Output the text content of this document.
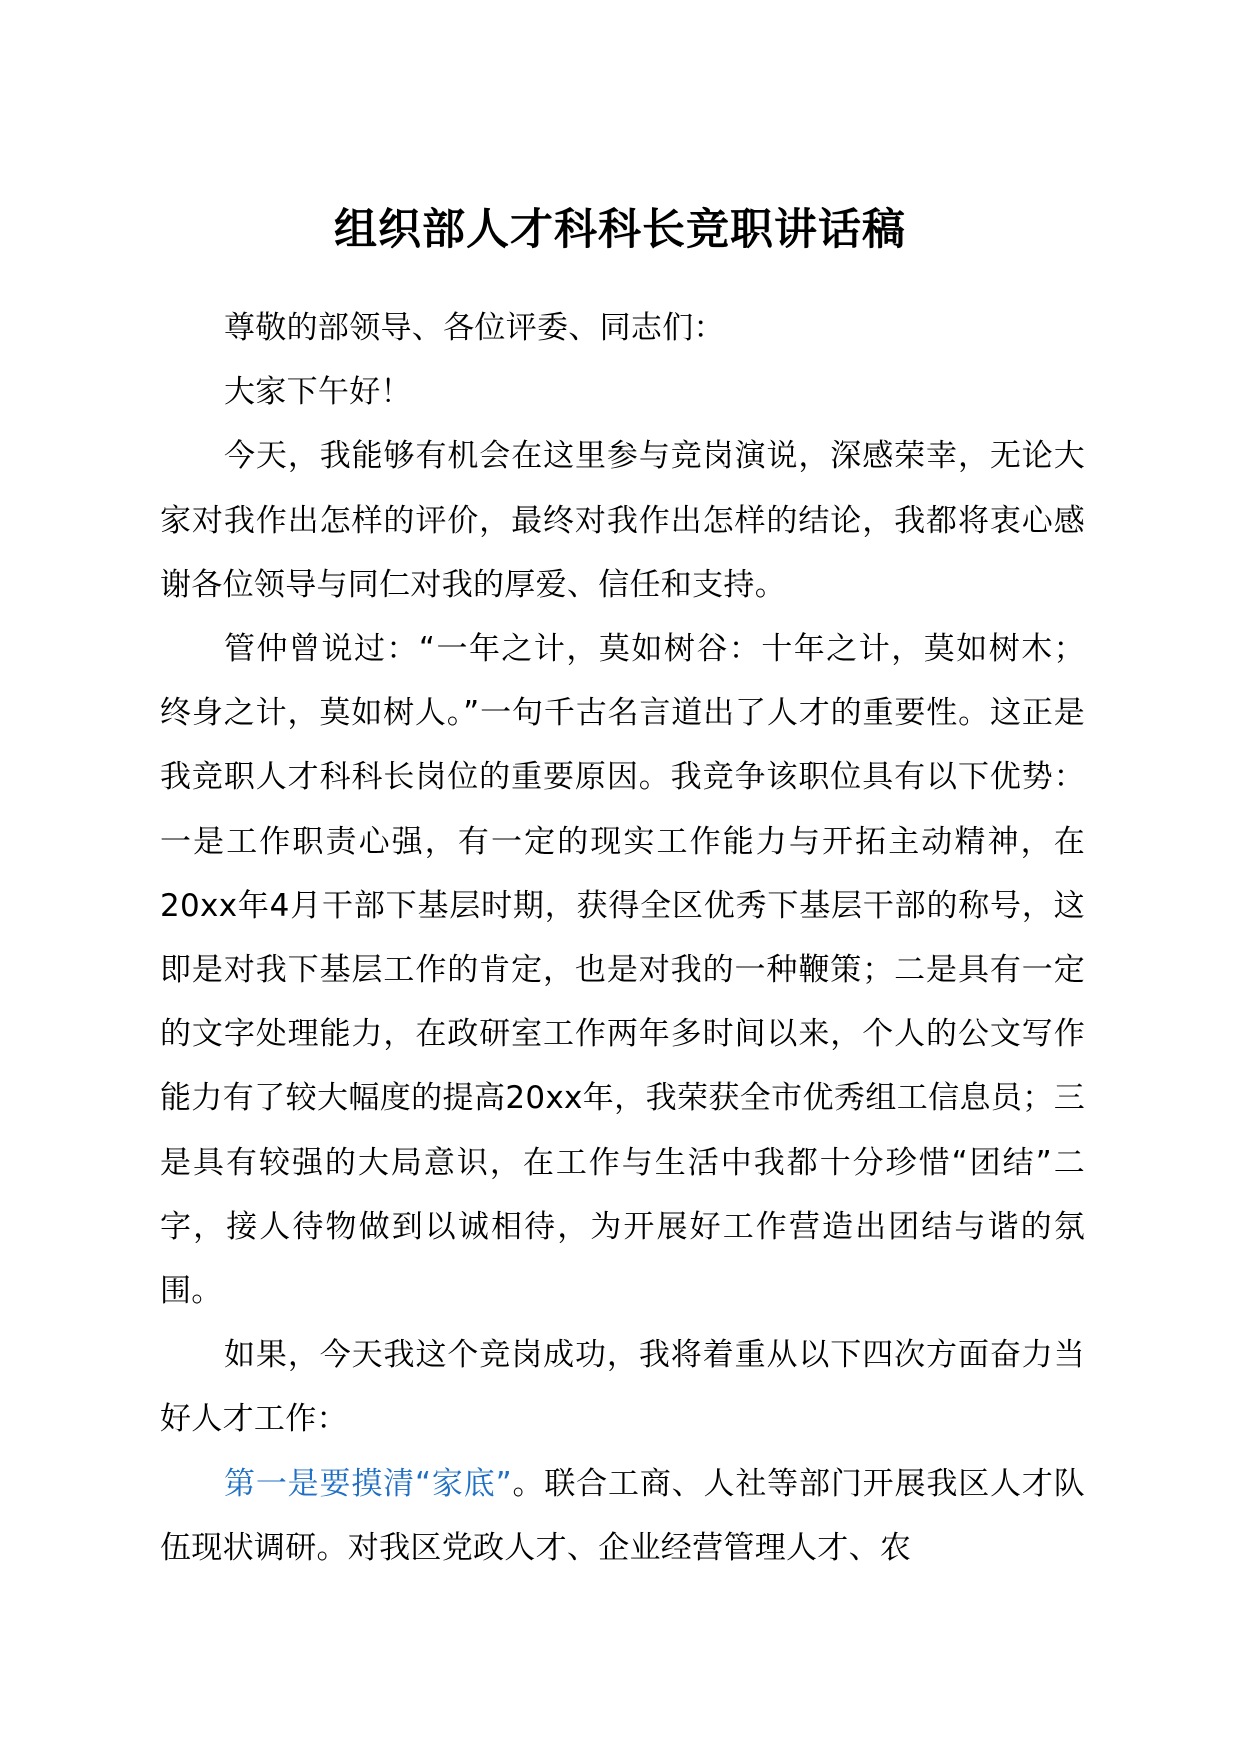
组织部人才科科长竞职讲话稿

尊敬的部领导、各位评委、同志们：

大家下午好！

今天，我能够有机会在这里参与竞岗演说，深感荣幸，无论大家对我作出怎样的评价，最终对我作出怎样的结论，我都将衷心感谢各位领导与同仁对我的厚爱、信任和支持。

管仲曾说过：“一年之计，莫如树谷：十年之计，莫如树木；终身之计，莫如树人。”一句千古名言道出了人才的重要性。这正是我竞职人才科科长岗位的重要原因。我竞争该职位具有以下优势：一是工作职责心强，有一定的现实工作能力与开拓主动精神，在20xx年4月干部下基层时期，获得全区优秀下基层干部的称号，这即是对我下基层工作的肯定，也是对我的一种鞭策；二是具有一定的文字处理能力，在政研室工作两年多时间以来，个人的公文写作能力有了较大幅度的提高20xx年，我荣获全市优秀组工信息员；三是具有较强的大局意识，在工作与生活中我都十分珍惜“团结”二字，接人待物做到以诚相待，为开展好工作营造出团结与谐的氛围。

如果，今天我这个竞岗成功，我将着重从以下四次方面奋力当好人才工作：

第一是要摸清“家底”。联合工商、人社等部门开展我区人才队伍现状调研。对我区党政人才、企业经营管理人才、农
